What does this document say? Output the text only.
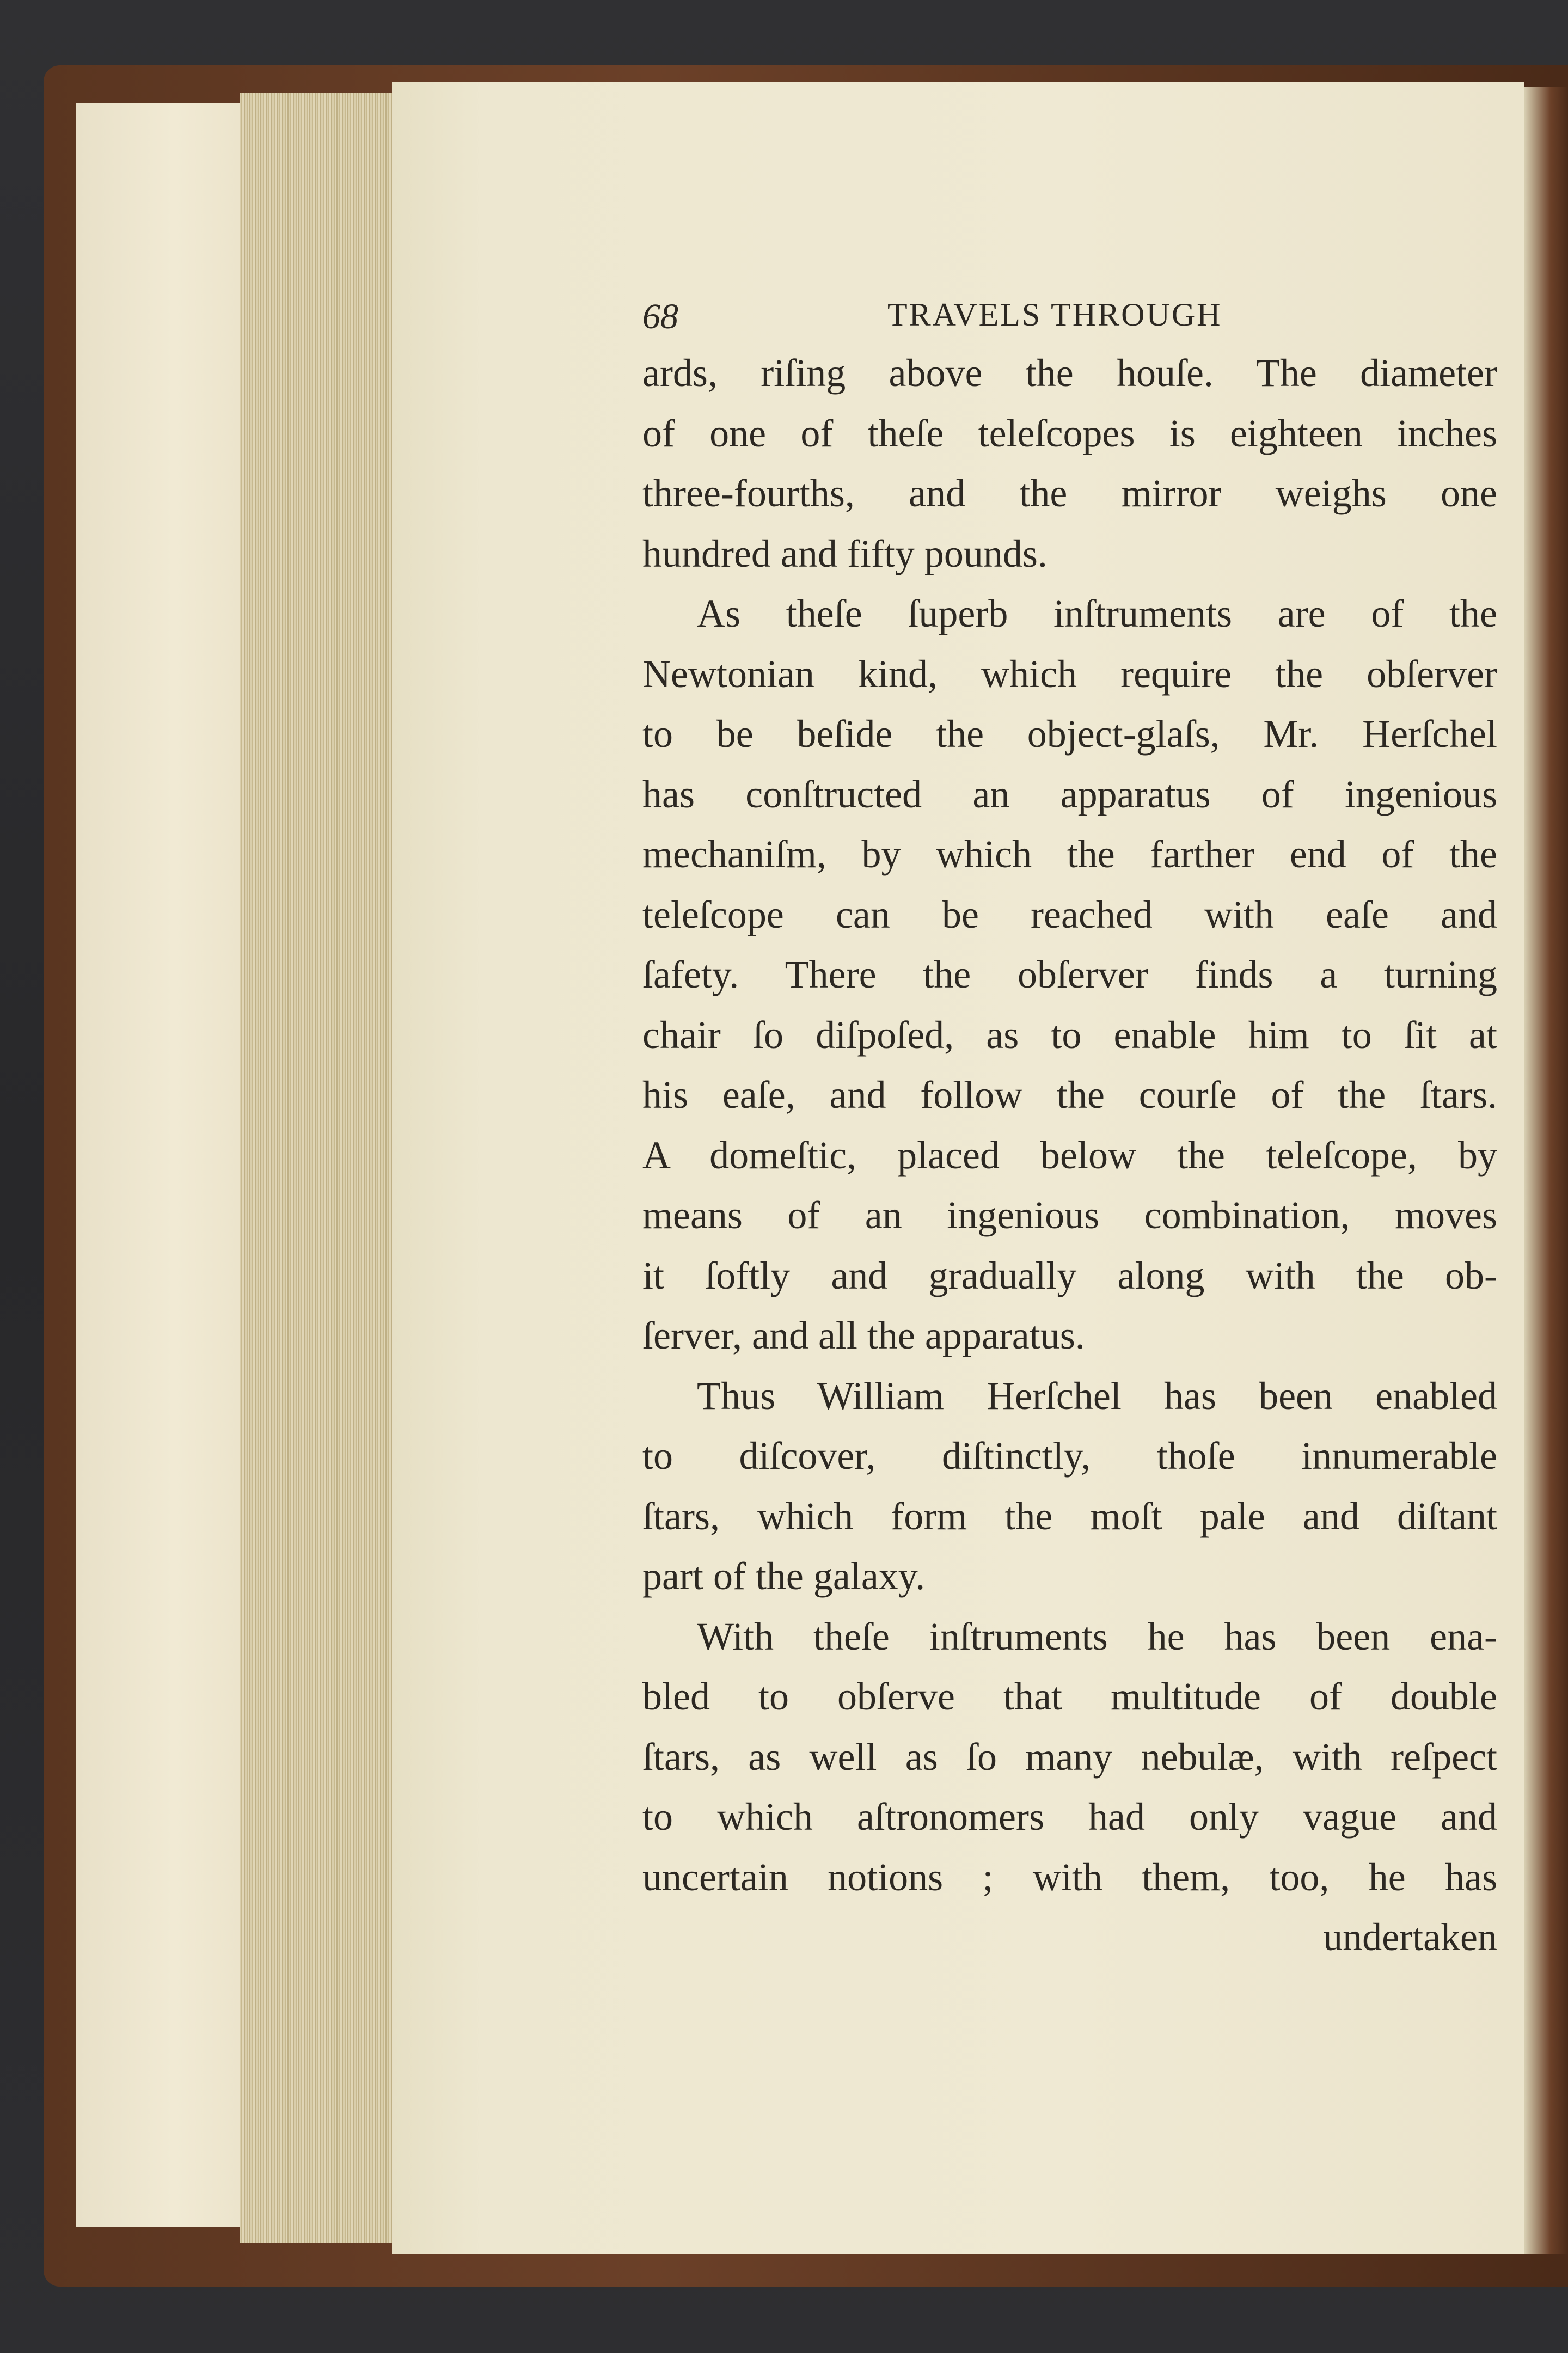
68	TRAVELS THROUGH
ards, riſing above the houſe. The diameter
of one of theſe teleſcopes is eighteen inches
three-fourths, and the mirror weighs one
hundred and fifty pounds.
As theſe ſuperb inſtruments are of the
Newtonian kind, which require the obſerver
to be beſide the object-glaſs, Mr. Herſchel
has conſtructed an apparatus of ingenious
mechaniſm, by which the farther end of the
teleſcope can be reached with eaſe and
ſafety. There the obſerver finds a turning
chair ſo diſpoſed, as to enable him to ſit at
his eaſe, and follow the courſe of the ſtars.
A domeſtic, placed below the teleſcope, by
means of an ingenious combination, moves
it ſoftly and gradually along with the ob-
ſerver, and all the apparatus.
Thus William Herſchel has been enabled
to diſcover, diſtinctly, thoſe innumerable
ſtars, which form the moſt pale and diſtant
part of the galaxy.
With theſe inſtruments he has been ena-
bled to obſerve that multitude of double
ſtars, as well as ſo many nebulæ, with reſpect
to which aſtronomers had only vague and
uncertain notions ; with them, too, he has
undertaken
